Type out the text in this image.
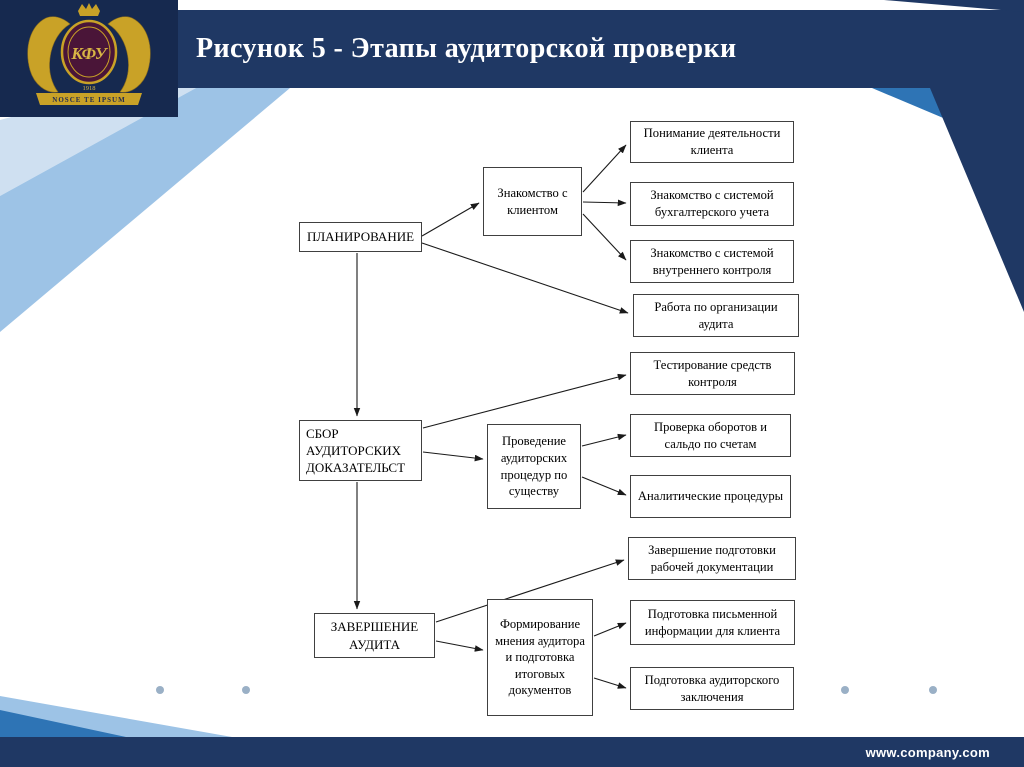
КФУ
1918
NOSCE TE IPSUM
Рисунок 5 - Этапы аудиторской проверки
ПЛАНИРОВАНИЕ
СБОР АУДИТОРСКИХ ДОКАЗАТЕЛЬСТ
ЗАВЕРШЕНИЕ АУДИТА
Знакомство с клиентом
Проведение аудиторских процедур по существу
Формирование мнения аудитора и подготовка итоговых документов
Понимание деятельности клиента
Знакомство с системой бухгалтерского учета
Знакомство с системой внутреннего контроля
Работа по организации аудита
Тестирование средств контроля
Проверка оборотов и сальдо по счетам
Аналитические процедуры
Завершение подготовки рабочей документации
Подготовка письменной информации для клиента
Подготовка аудиторского заключения
www.company.com
